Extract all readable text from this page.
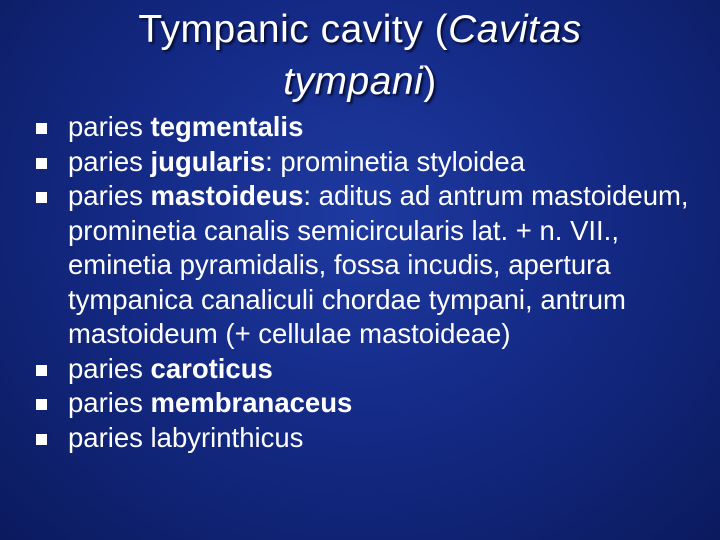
Tympanic cavity (Cavitas
tympani)
paries tegmentalis
paries jugularis: prominetia styloidea
paries mastoideus: aditus ad antrum mastoideum, prominetia canalis semicircularis lat. + n. VII., eminetia pyramidalis, fossa incudis, apertura tympanica canaliculi chordae tympani, antrum mastoideum (+ cellulae mastoideae)
paries caroticus
paries membranaceus
paries labyrinthicus
